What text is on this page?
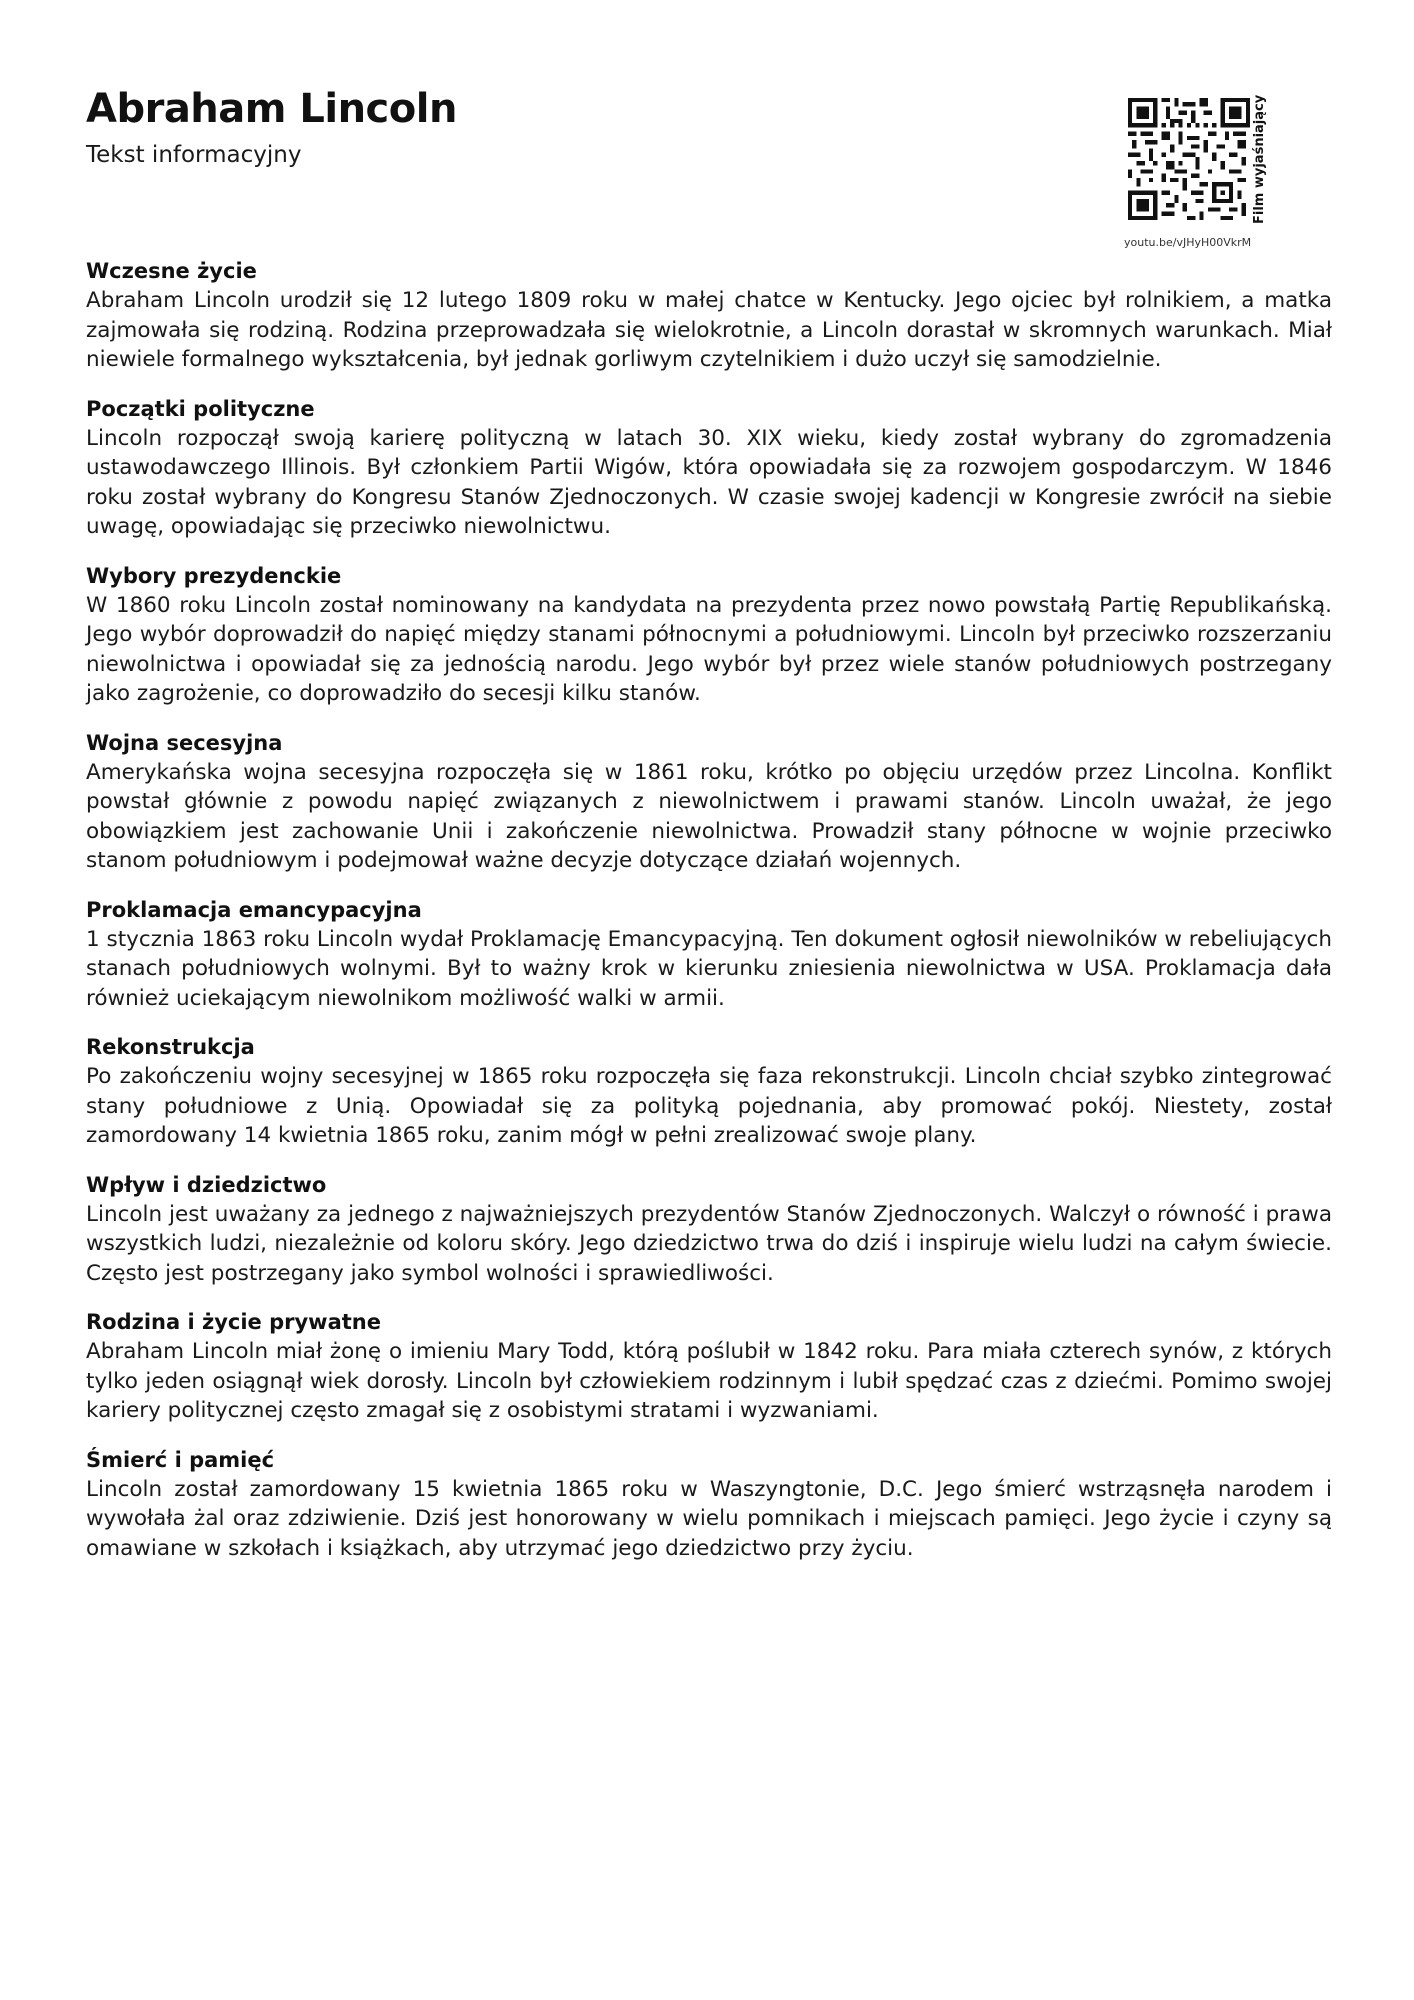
Abraham Lincoln
Tekst informacyjny
youtu.be/vJHyH00VkrM
Film wyjaśniający
Wczesne życie

Abraham Lincoln urodził się 12 lutego 1809 roku w małej chatce w Kentucky. Jego ojciec był rolnikiem, a matka zajmowała się rodziną. Rodzina przeprowadzała się wielokrotnie, a Lincoln dorastał w skromnych warunkach. Miał niewiele formalnego wykształcenia, był jednak gorliwym czytelnikiem i dużo uczył się samodzielnie.

Początki polityczne

Lincoln rozpoczął swoją karierę polityczną w latach 30. XIX wieku, kiedy został wybrany do zgromadzenia ustawodawczego Illinois. Był członkiem Partii Wigów, która opowiadała się za rozwojem gospodarczym. W 1846 roku został wybrany do Kongresu Stanów Zjednoczonych. W czasie swojej kadencji w Kongresie zwrócił na siebie uwagę, opowiadając się przeciwko niewolnictwu.

Wybory prezydenckie

W 1860 roku Lincoln został nominowany na kandydata na prezydenta przez nowo powstałą Partię Republikańską. Jego wybór doprowadził do napięć między stanami północnymi a południowymi. Lincoln był przeciwko rozszerzaniu niewolnictwa i opowiadał się za jednością narodu. Jego wybór był przez wiele stanów południowych postrzegany jako zagrożenie, co doprowadziło do secesji kilku stanów.

Wojna secesyjna

Amerykańska wojna secesyjna rozpoczęła się w 1861 roku, krótko po objęciu urzędów przez Lincolna. Konflikt powstał głównie z powodu napięć związanych z niewolnictwem i prawami stanów. Lincoln uważał, że jego obowiązkiem jest zachowanie Unii i zakończenie niewolnictwa. Prowadził stany północne w wojnie przeciwko stanom południowym i podejmował ważne decyzje dotyczące działań wojennych.

Proklamacja emancypacyjna

1 stycznia 1863 roku Lincoln wydał Proklamację Emancypacyjną. Ten dokument ogłosił niewolników w rebeliujących stanach południowych wolnymi. Był to ważny krok w kierunku zniesienia niewolnictwa w USA. Proklamacja dała również uciekającym niewolnikom możliwość walki w armii.

Rekonstrukcja

Po zakończeniu wojny secesyjnej w 1865 roku rozpoczęła się faza rekonstrukcji. Lincoln chciał szybko zintegrować stany południowe z Unią. Opowiadał się za polityką pojednania, aby promować pokój. Niestety, został zamordowany 14 kwietnia 1865 roku, zanim mógł w pełni zrealizować swoje plany.

Wpływ i dziedzictwo

Lincoln jest uważany za jednego z najważniejszych prezydentów Stanów Zjednoczonych. Walczył o równość i prawa wszystkich ludzi, niezależnie od koloru skóry. Jego dziedzictwo trwa do dziś i inspiruje wielu ludzi na całym świecie. Często jest postrzegany jako symbol wolności i sprawiedliwości.

Rodzina i życie prywatne

Abraham Lincoln miał żonę o imieniu Mary Todd, którą poślubił w 1842 roku. Para miała czterech synów, z których tylko jeden osiągnął wiek dorosły. Lincoln był człowiekiem rodzinnym i lubił spędzać czas z dziećmi. Pomimo swojej kariery politycznej często zmagał się z osobistymi stratami i wyzwaniami.

Śmierć i pamięć

Lincoln został zamordowany 15 kwietnia 1865 roku w Waszyngtonie, D.C. Jego śmierć wstrząsnęła narodem i wywołała żal oraz zdziwienie. Dziś jest honorowany w wielu pomnikach i miejscach pamięci. Jego życie i czyny są omawiane w szkołach i książkach, aby utrzymać jego dziedzictwo przy życiu.
